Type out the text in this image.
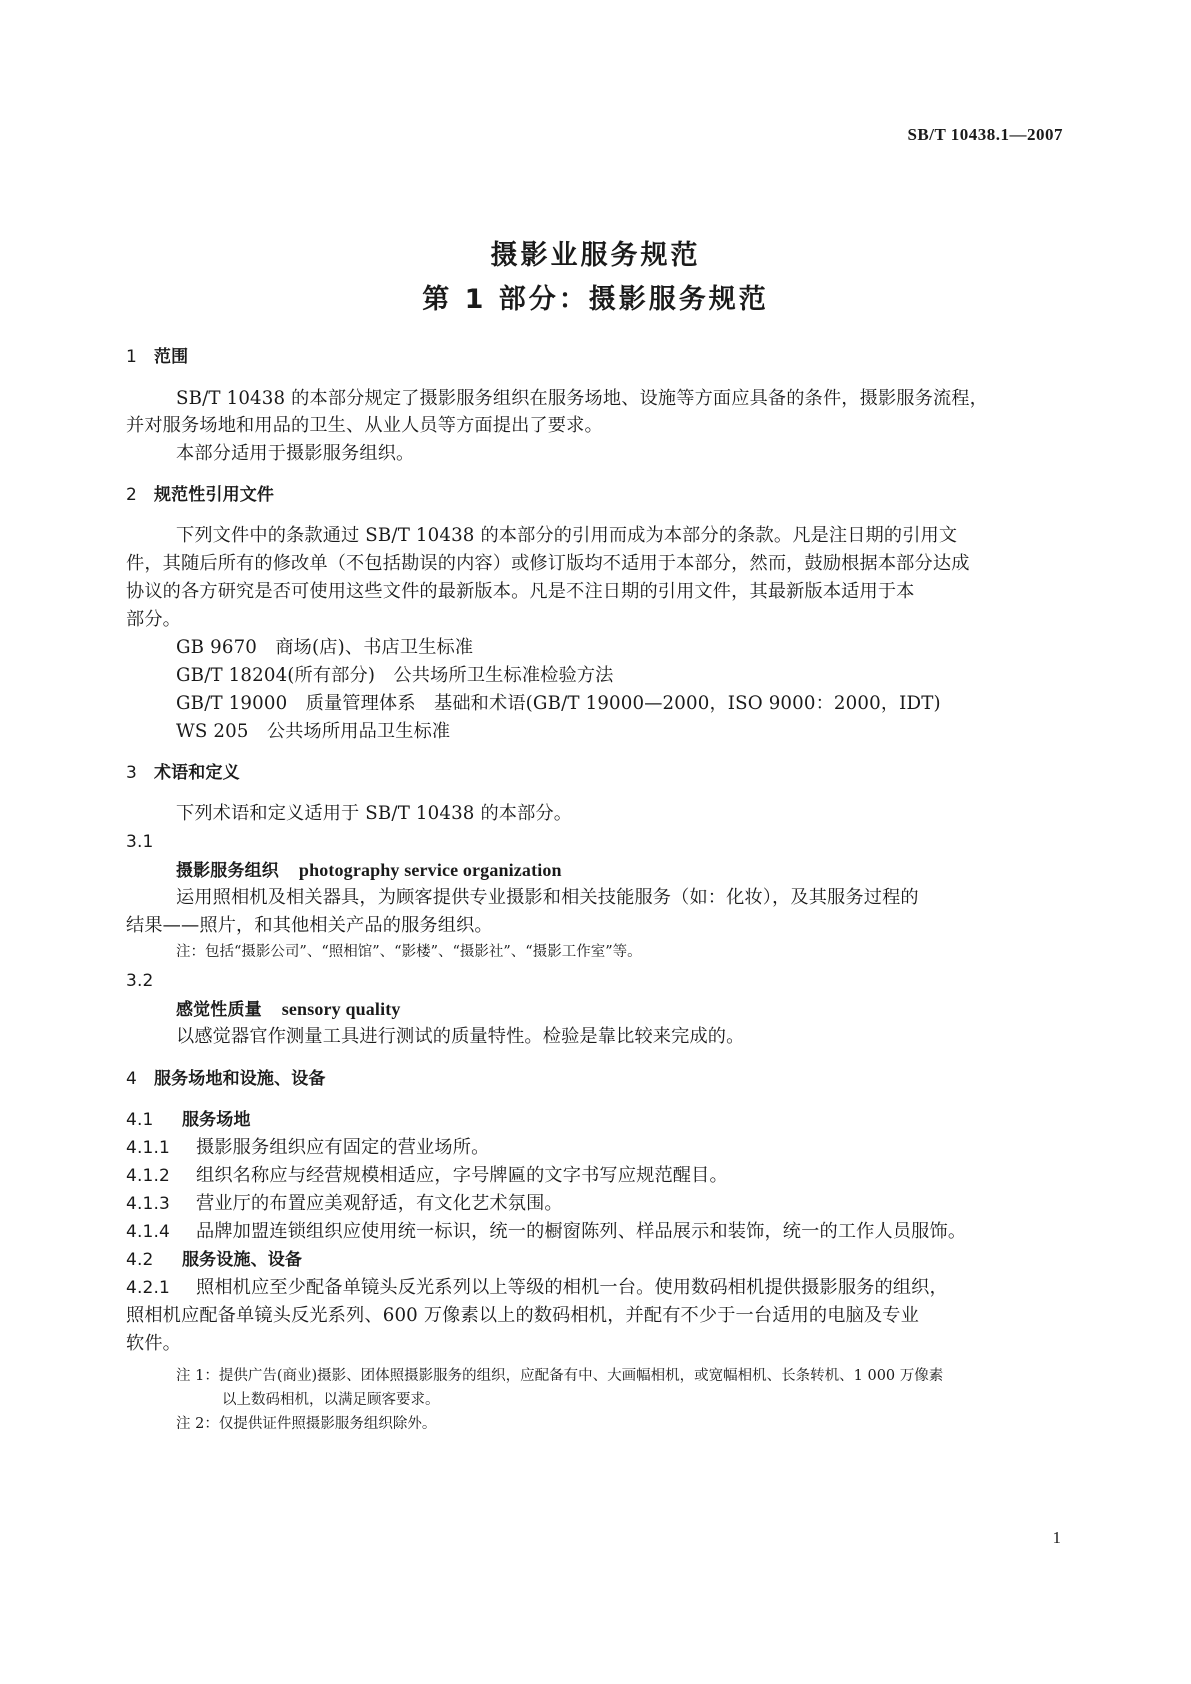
SB/T 10438.1—2007
摄影业服务规范
第 1 部分：摄影服务规范
1 范围

SB/T 10438 的本部分规定了摄影服务组织在服务场地、设施等方面应具备的条件，摄影服务流程，

并对服务场地和用品的卫生、从业人员等方面提出了要求。

本部分适用于摄影服务组织。

2 规范性引用文件

下列文件中的条款通过 SB/T 10438 的本部分的引用而成为本部分的条款。凡是注日期的引用文

件，其随后所有的修改单（不包括勘误的内容）或修订版均不适用于本部分，然而，鼓励根据本部分达成

协议的各方研究是否可使用这些文件的最新版本。凡是不注日期的引用文件，其最新版本适用于本

部分。

GB 9670　商场(店)、书店卫生标准

GB/T 18204(所有部分)　公共场所卫生标准检验方法

GB/T 19000　质量管理体系　基础和术语(GB/T 19000—2000，ISO 9000：2000，IDT)

WS 205　公共场所用品卫生标准

3 术语和定义

下列术语和定义适用于 SB/T 10438 的本部分。

3.1
摄影服务组织 photography service organization

运用照相机及相关器具，为顾客提供专业摄影和相关技能服务（如：化妆），及其服务过程的

结果——照片，和其他相关产品的服务组织。

注：包括“摄影公司”、“照相馆”、“影楼”、“摄影社”、“摄影工作室”等。

3.2
感觉性质量 sensory quality

以感觉器官作测量工具进行测试的质量特性。检验是靠比较来完成的。

4 服务场地和设施、设备
4.1 服务场地

4.1.1 摄影服务组织应有固定的营业场所。

4.1.2 组织名称应与经营规模相适应，字号牌匾的文字书写应规范醒目。

4.1.3 营业厅的布置应美观舒适，有文化艺术氛围。

4.1.4 品牌加盟连锁组织应使用统一标识，统一的橱窗陈列、样品展示和装饰，统一的工作人员服饰。

4.2 服务设施、设备

4.2.1 照相机应至少配备单镜头反光系列以上等级的相机一台。使用数码相机提供摄影服务的组织，

照相机应配备单镜头反光系列、600 万像素以上的数码相机，并配有不少于一台适用的电脑及专业

软件。

注 1：提供广告(商业)摄影、团体照摄影服务的组织，应配备有中、大画幅相机，或宽幅相机、长条转机、1 000 万像素

以上数码相机，以满足顾客要求。

注 2：仅提供证件照摄影服务组织除外。

1
